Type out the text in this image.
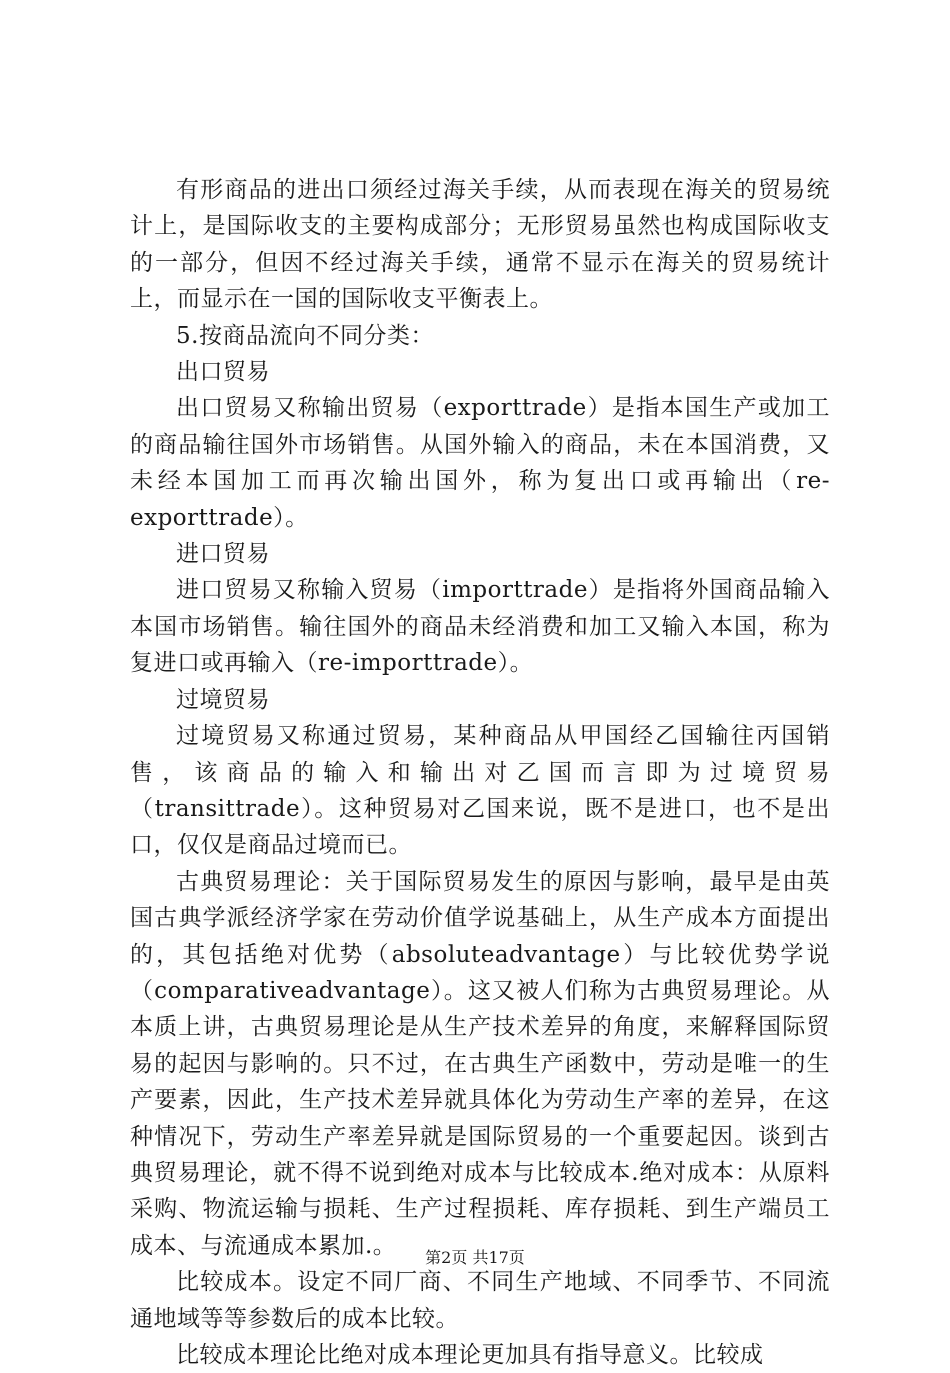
有形商品的进出口须经过海关手续，从而表现在海关的贸易统计上，是国际收支的主要构成部分；无形贸易虽然也构成国际收支的一部分，但因不经过海关手续，通常不显示在海关的贸易统计上，而显示在一国的国际收支平衡表上。

5.按商品流向不同分类：

出口贸易

出口贸易又称输出贸易（exporttrade）是指本国生产或加工的商品输往国外市场销售。从国外输入的商品，未在本国消费，又未经本国加工而再次输出国外，称为复出口或再输出（re-exporttrade）。

进口贸易

进口贸易又称输入贸易（importtrade）是指将外国商品输入本国市场销售。输往国外的商品未经消费和加工又输入本国，称为复进口或再输入（re-importtrade）。

过境贸易

过境贸易又称通过贸易，某种商品从甲国经乙国输往丙国销售，该商品的输入和输出对乙国而言即为过境贸易（transittrade）。这种贸易对乙国来说，既不是进口，也不是出口，仅仅是商品过境而已。

古典贸易理论：关于国际贸易发生的原因与影响，最早是由英国古典学派经济学家在劳动价值学说基础上，从生产成本方面提出的，其包括绝对优势（absoluteadvantage）与比较优势学说（comparativeadvantage）。这又被人们称为古典贸易理论。从本质上讲，古典贸易理论是从生产技术差异的角度，来解释国际贸易的起因与影响的。只不过，在古典生产函数中，劳动是唯一的生产要素，因此，生产技术差异就具体化为劳动生产率的差异，在这种情况下，劳动生产率差异就是国际贸易的一个重要起因。谈到古典贸易理论，就不得不说到绝对成本与比较成本.绝对成本：从原料采购、物流运输与损耗、生产过程损耗、库存损耗、到生产端员工成本、与流通成本累加.。

比较成本。设定不同厂商、不同生产地域、不同季节、不同流通地域等等参数后的成本比较。

比较成本理论比绝对成本理论更加具有指导意义。比较成

第2页 共17页
